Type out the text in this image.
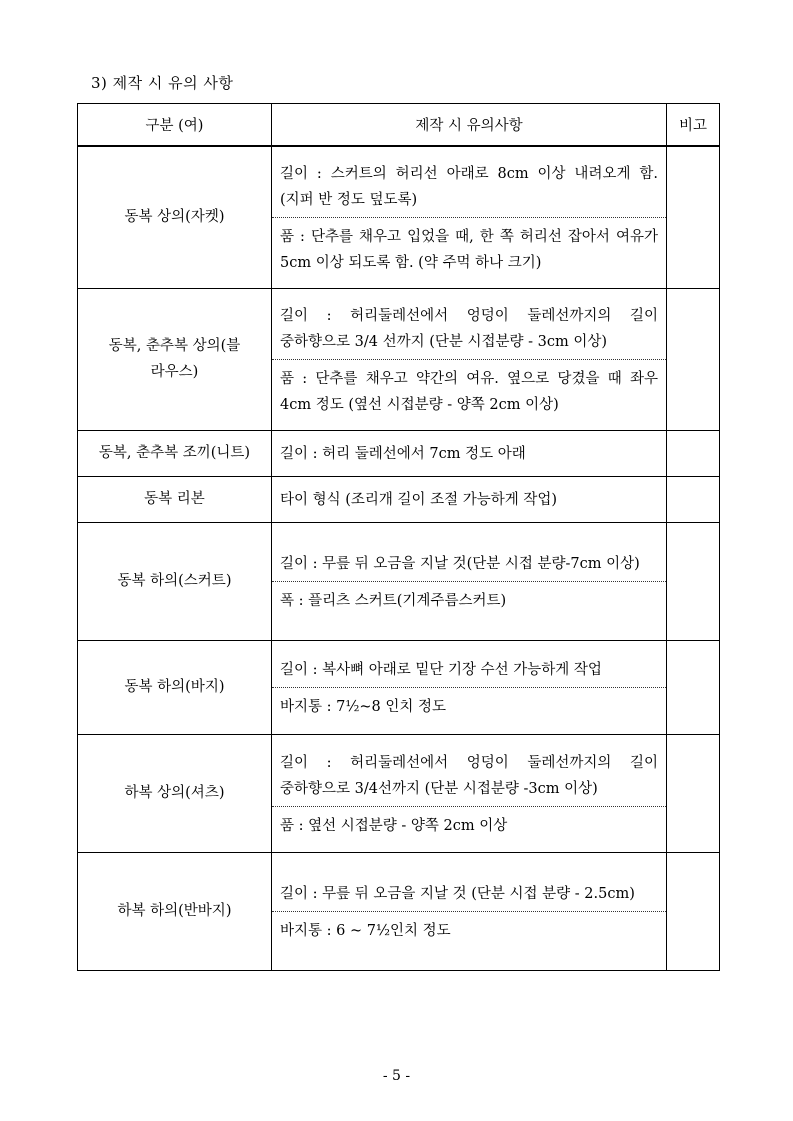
3) 제작 시 유의 사항
구분 (여)	제작 시 유의사항	비고
동복 상의(자켓)	길이 : 스커트의 허리선 아래로 8cm 이상 내려오게 함. (지퍼 반 정도 덮도록)
품 : 단추를 채우고 입었을 때, 한 쪽 허리선 잡아서 여유가 5cm 이상 되도록 함. (약 주먹 하나 크기)	

동복, 춘추복 상의(블라우스)	길이 : 허리둘레선에서 엉덩이 둘레선까지의 길이 중하향으로 3/4 선까지 (단분 시접분량 - 3cm 이상)
품 : 단추를 채우고 약간의 여유. 옆으로 당겼을 때 좌우 4cm 정도 (옆선 시접분량 - 양쪽 2cm 이상)	

동복, 춘추복 조끼(니트)	길이 : 허리 둘레선에서 7cm 정도 아래	

동복 리본	타이 형식 (조리개 길이 조절 가능하게 작업)	

동복 하의(스커트)	길이 : 무릎 뒤 오금을 지날 것(단분 시접 분량-7cm 이상)
폭 : 플리츠 스커트(기계주름스커트)	

동복 하의(바지)	길이 : 복사뼈 아래로 밑단 기장 수선 가능하게 작업
바지통 : 7½~8 인치 정도	

하복 상의(셔츠)	길이 : 허리둘레선에서 엉덩이 둘레선까지의 길이 중하향으로 3/4선까지 (단분 시접분량 -3cm 이상)
품 : 옆선 시접분량 - 양쪽 2cm 이상	

하복 하의(반바지)	길이 : 무릎 뒤 오금을 지날 것 (단분 시접 분량 - 2.5cm)
바지통 : 6 ~ 7½인치 정도	

- 5 -
